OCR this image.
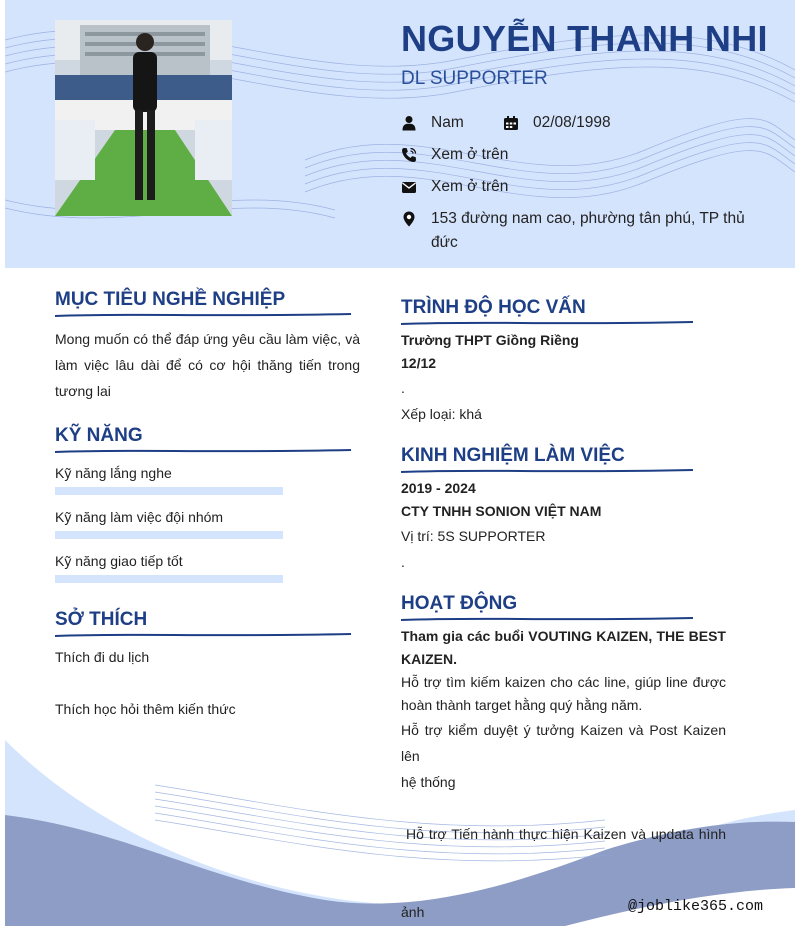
NGUYỄN THANH NHI
DL SUPPORTER
Nam	02/08/1998
Xem ở trên
Xem ở trên
153 đường nam cao, phường tân phú, TP thủ
đức
MỤC TIÊU NGHỀ NGHIỆP
Mong muốn có thể đáp ứng yêu cầu làm việc, và
làm việc lâu dài để có cơ hội thăng tiến trong
tương lai
KỸ NĂNG
Kỹ năng lắng nghe
Kỹ năng làm việc đội nhóm
Kỹ năng giao tiếp tốt
SỞ THÍCH
Thích đi du lịch
Thích học hỏi thêm kiến thức
TRÌNH ĐỘ HỌC VẤN
Trường THPT Giồng Riềng
12/12
.
Xếp loại: khá
KINH NGHIỆM LÀM VIỆC
2019 - 2024
CTY TNHH SONION VIỆT NAM
Vị trí: 5S SUPPORTER
.
HOẠT ĐỘNG
Tham gia các buổi VOUTING KAIZEN, THE BEST
KAIZEN.
Hỗ trợ tìm kiếm kaizen cho các line, giúp line được
hoàn thành target hằng quý hằng năm.
Hỗ trợ kiểm duyệt ý tưởng Kaizen và Post Kaizen lên
hệ thống

Hỗ trợ Tiến hành thực hiện Kaizen và updata hình

ảnh

	@joblike365.com
